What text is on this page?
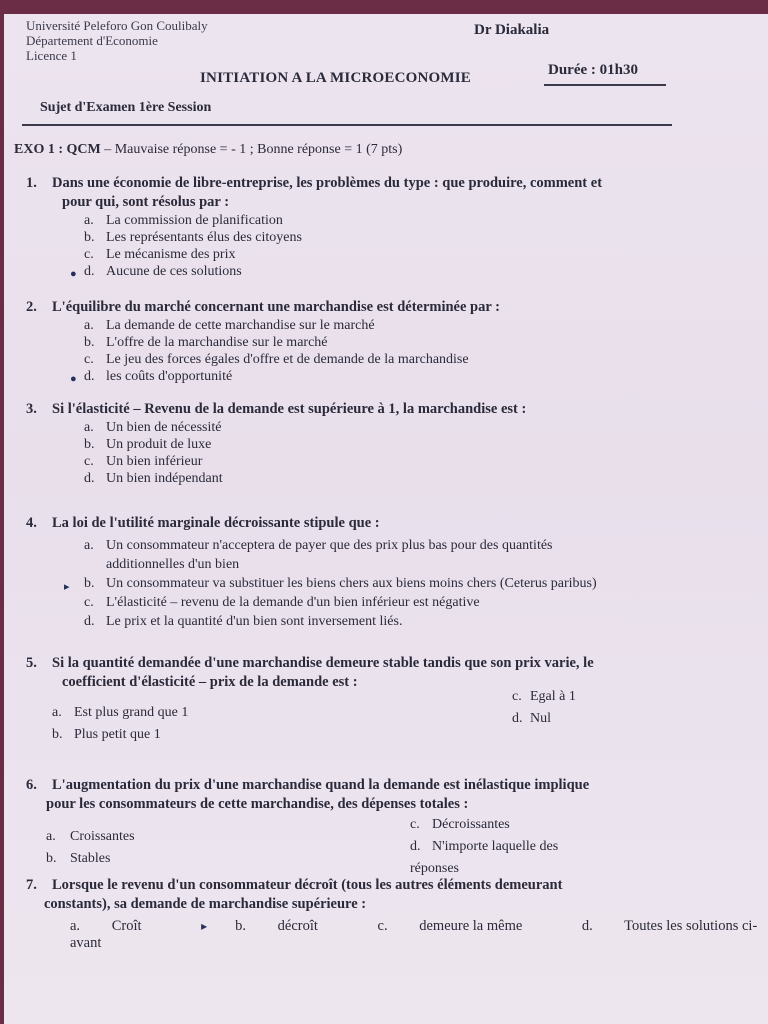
Université Peleforo Gon Coulibaly
Département d'Economie
Licence 1
Dr Diakalia
INITIATION A LA MICROECONOMIE	Durée : 01h30
Sujet d'Examen 1ère Session
EXO 1 : QCM – Mauvaise réponse = - 1 ; Bonne réponse = 1 (7 pts)
1. Dans une économie de libre-entreprise, les problèmes du type : que produire, comment et
pour qui, sont résolus par :
a. La commission de planification
b. Les représentants élus des citoyens
c. Le mécanisme des prix
● d. Aucune de ces solutions
2. L'équilibre du marché concernant une marchandise est déterminée par :
a. La demande de cette marchandise sur le marché
b. L'offre de la marchandise sur le marché
c. Le jeu des forces égales d'offre et de demande de la marchandise
● d. les coûts d'opportunité
3. Si l'élasticité – Revenu de la demande est supérieure à 1, la marchandise est :
a. Un bien de nécessité
b. Un produit de luxe
c. Un bien inférieur
d. Un bien indépendant
4. La loi de l'utilité marginale décroissante stipule que :
a. Un consommateur n'acceptera de payer que des prix plus bas pour des quantités
additionnelles d'un bien
▸ b. Un consommateur va substituer les biens chers aux biens moins chers (Ceterus paribus)
c. L'élasticité – revenu de la demande d'un bien inférieur est négative
d. Le prix et la quantité d'un bien sont inversement liés.
5. Si la quantité demandée d'une marchandise demeure stable tandis que son prix varie, le
coefficient d'élasticité – prix de la demande est :
a. Est plus grand que 1
b. Plus petit que 1
c. Egal à 1
d. Nul
6. L'augmentation du prix d'une marchandise quand la demande est inélastique implique
pour les consommateurs de cette marchandise, des dépenses totales :
a. Croissantes
b. Stables
c. Décroissantes
d. N'importe laquelle des réponses
7. Lorsque le revenu d'un consommateur décroît (tous les autres éléments demeurant
constants), sa demande de marchandise supérieure :
a. Croît	▸ b. décroît	c. demeure la même	d. Toutes les solutions ci-avant
